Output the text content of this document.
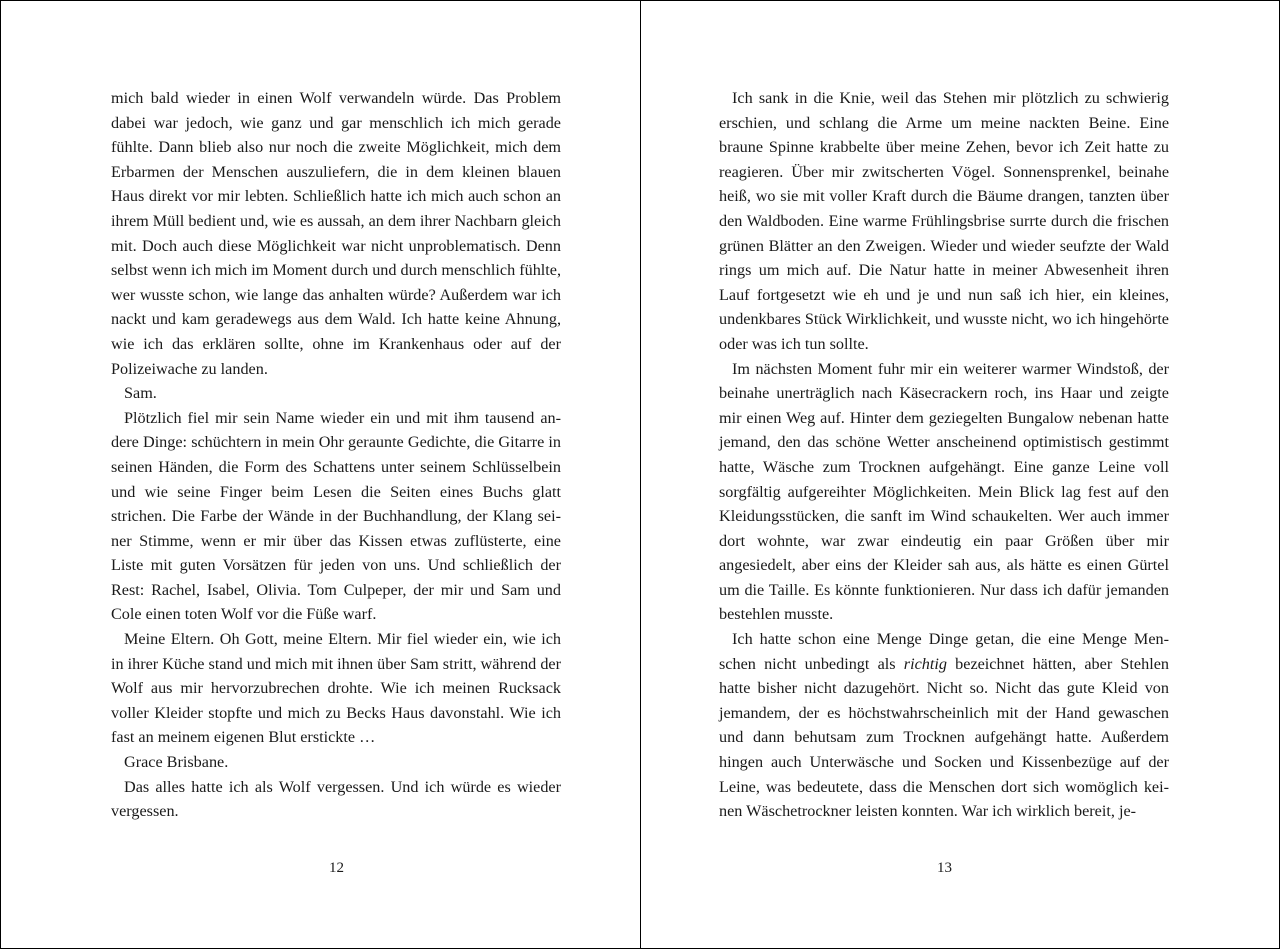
mich bald wieder in einen Wolf verwandeln würde. Das Problem dabei war jedoch, wie ganz und gar menschlich ich mich gerade fühlte. Dann blieb also nur noch die zweite Möglichkeit, mich dem Erbarmen der Menschen auszuliefern, die in dem kleinen blauen Haus direkt vor mir lebten. Schließlich hatte ich mich auch schon an ihrem Müll bedient und, wie es aussah, an dem ihrer Nachbarn gleich mit. Doch auch diese Möglichkeit war nicht unproblematisch. Denn selbst wenn ich mich im Moment durch und durch menschlich fühlte, wer wusste schon, wie lange das anhalten würde? Außerdem war ich nackt und kam geradewegs aus dem Wald. Ich hatte keine Ahnung, wie ich das erklären sollte, ohne im Krankenhaus oder auf der Polizeiwache zu landen.

Sam.

Plötzlich fiel mir sein Name wieder ein und mit ihm tausend andere Dinge: schüchtern in mein Ohr geraunte Gedichte, die Gitarre in seinen Händen, die Form des Schattens unter seinem Schlüsselbein und wie seine Finger beim Lesen die Seiten eines Buchs glatt strichen. Die Farbe der Wände in der Buchhandlung, der Klang seiner Stimme, wenn er mir über das Kissen etwas zuflüsterte, eine Liste mit guten Vorsätzen für jeden von uns. Und schließlich der Rest: Rachel, Isabel, Olivia. Tom Culpeper, der mir und Sam und Cole einen toten Wolf vor die Füße warf.

Meine Eltern. Oh Gott, meine Eltern. Mir fiel wieder ein, wie ich in ihrer Küche stand und mich mit ihnen über Sam stritt, während der Wolf aus mir hervorzubrechen drohte. Wie ich meinen Rucksack voller Kleider stopfte und mich zu Becks Haus davonstahl. Wie ich fast an meinem eigenen Blut erstickte …

Grace Brisbane.

Das alles hatte ich als Wolf vergessen. Und ich würde es wieder vergessen.

12

Ich sank in die Knie, weil das Stehen mir plötzlich zu schwierig erschien, und schlang die Arme um meine nackten Beine. Eine braune Spinne krabbelte über meine Zehen, bevor ich Zeit hatte zu reagieren. Über mir zwitscherten Vögel. Sonnensprenkel, beinahe heiß, wo sie mit voller Kraft durch die Bäume drangen, tanzten über den Waldboden. Eine warme Frühlingsbrise surrte durch die frischen grünen Blätter an den Zweigen. Wieder und wieder seufzte der Wald rings um mich auf. Die Natur hatte in meiner Abwesenheit ihren Lauf fortgesetzt wie eh und je und nun saß ich hier, ein kleines, undenkbares Stück Wirklichkeit, und wusste nicht, wo ich hingehörte oder was ich tun sollte.

Im nächsten Moment fuhr mir ein weiterer warmer Windstoß, der beinahe unerträglich nach Käsecrackern roch, ins Haar und zeigte mir einen Weg auf. Hinter dem geziegelten Bungalow nebenan hatte jemand, den das schöne Wetter anscheinend optimistisch gestimmt hatte, Wäsche zum Trocknen aufgehängt. Eine ganze Leine voll sorgfältig aufgereihter Möglichkeiten. Mein Blick lag fest auf den Kleidungsstücken, die sanft im Wind schaukelten. Wer auch immer dort wohnte, war zwar eindeutig ein paar Größen über mir angesiedelt, aber eins der Kleider sah aus, als hätte es einen Gürtel um die Taille. Es könnte funktionieren. Nur dass ich dafür jemanden bestehlen musste.

Ich hatte schon eine Menge Dinge getan, die eine Menge Menschen nicht unbedingt als richtig bezeichnet hätten, aber Stehlen hatte bisher nicht dazugehört. Nicht so. Nicht das gute Kleid von jemandem, der es höchstwahrscheinlich mit der Hand gewaschen und dann behutsam zum Trocknen aufgehängt hatte. Außerdem hingen auch Unterwäsche und Socken und Kissenbezüge auf der Leine, was bedeutete, dass die Menschen dort sich womöglich keinen Wäschetrockner leisten konnten. War ich wirklich bereit, je-

13
